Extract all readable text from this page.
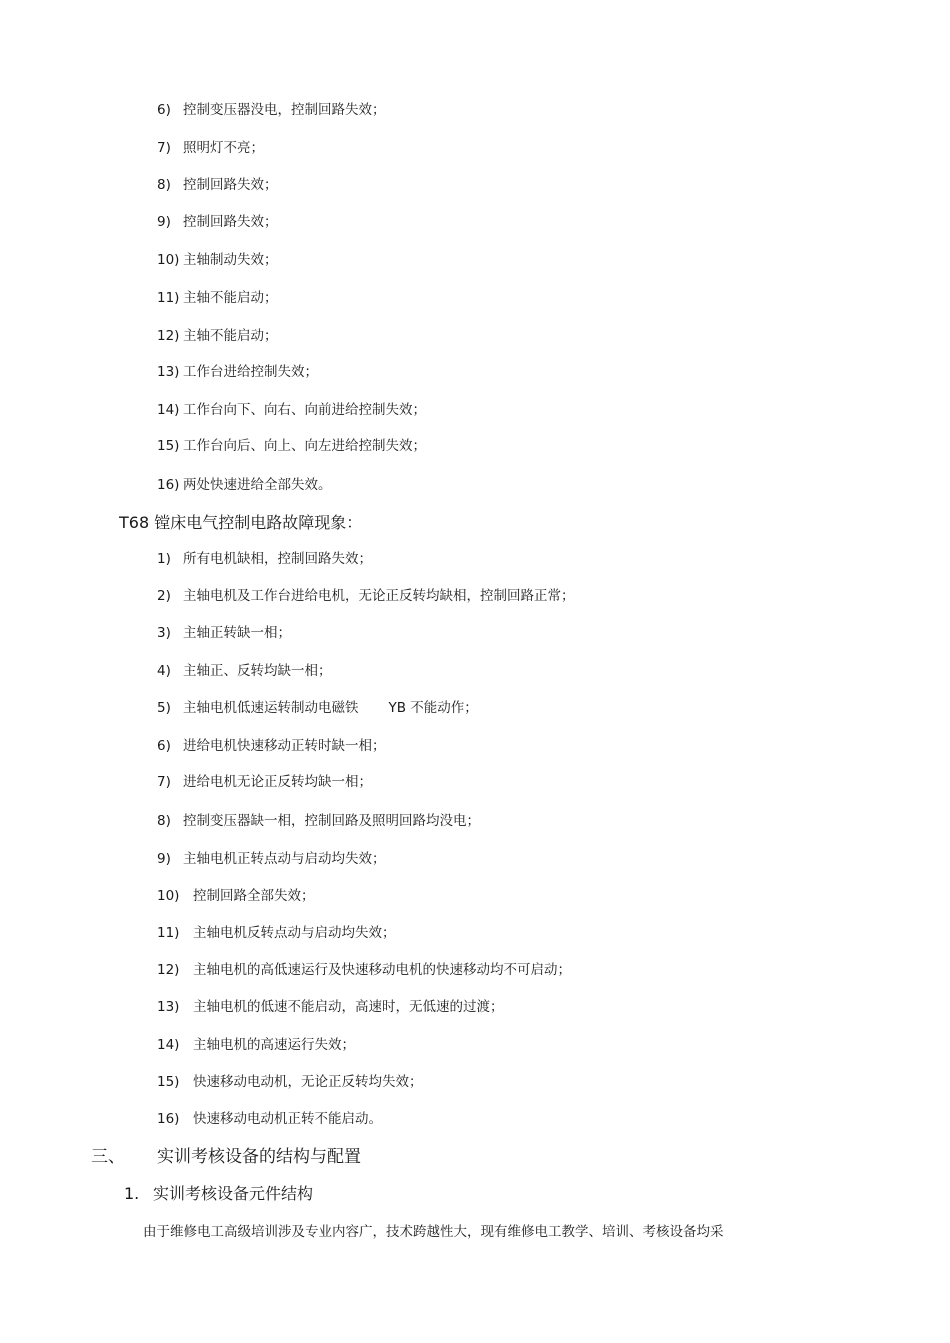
6) 控制变压器没电，控制回路失效；
7) 照明灯不亮；
8) 控制回路失效；
9) 控制回路失效；
10) 主轴制动失效；
11) 主轴不能启动；
12) 主轴不能启动；
13) 工作台进给控制失效；
14) 工作台向下、向右、向前进给控制失效；
15) 工作台向后、向上、向左进给控制失效；
16) 两处快速进给全部失效。
T68 镗床电气控制电路故障现象：
1) 所有电机缺相，控制回路失效；
2) 主轴电机及工作台进给电机，无论正反转均缺相，控制回路正常；
3) 主轴正转缺一相；
4) 主轴正、反转均缺一相；
5) 主轴电机低速运转制动电磁铁 YB 不能动作；
6) 进给电机快速移动正转时缺一相；
7) 进给电机无论正反转均缺一相；
8) 控制变压器缺一相，控制回路及照明回路均没电；
9) 主轴电机正转点动与启动均失效；
10) 控制回路全部失效；
11) 主轴电机反转点动与启动均失效；
12) 主轴电机的高低速运行及快速移动电机的快速移动均不可启动；
13) 主轴电机的低速不能启动，高速时，无低速的过渡；
14) 主轴电机的高速运行失效；
15) 快速移动电动机，无论正反转均失效；
16) 快速移动电动机正转不能启动。
三、 实训考核设备的结构与配置
1. 实训考核设备元件结构
由于维修电工高级培训涉及专业内容广，技术跨越性大，现有维修电工教学、培训、考核设备均采
